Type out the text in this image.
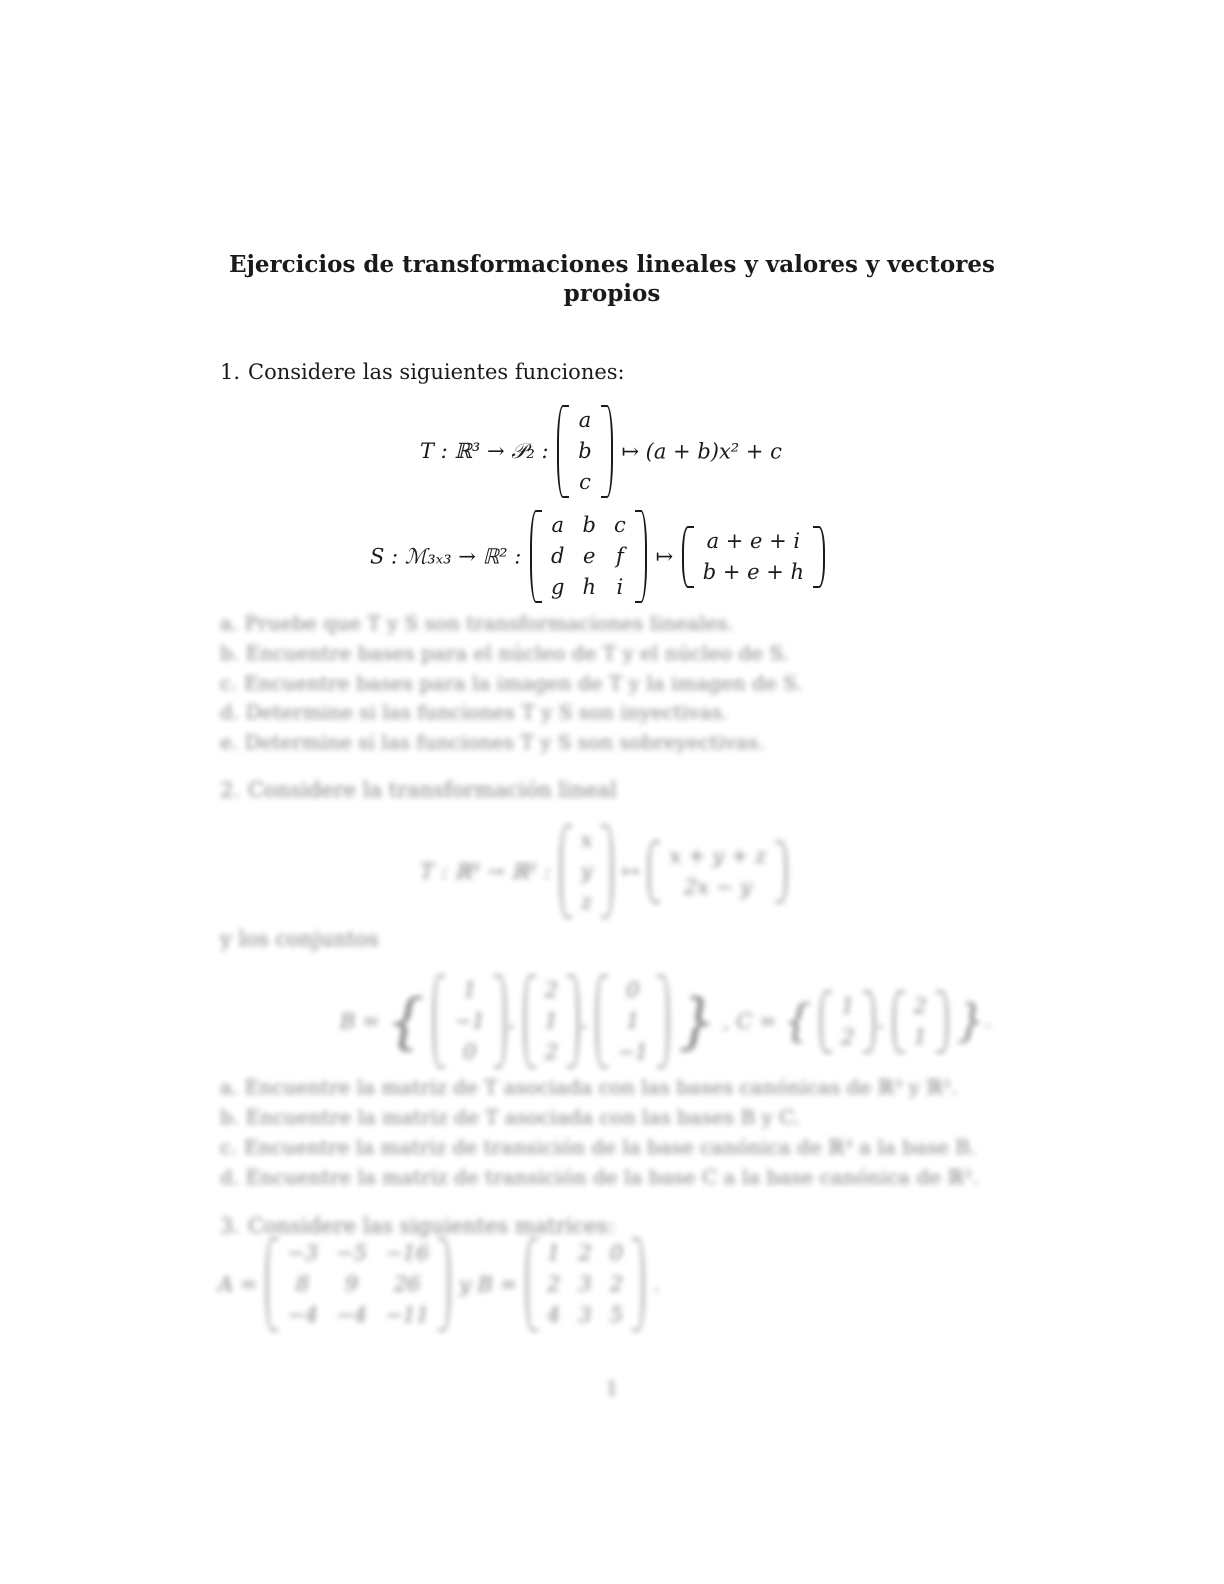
Ejercicios de transformaciones lineales y valores y vectores
propios
1. Considere las siguientes funciones:
T : ℝ³ → 𝒫₂ :
a
b
c
↦ (a + b)x² + c
S : ℳ₃ₓ₃ → ℝ² :
a	b	c
d	e	f
g	h	i
↦
a + e + i
b + e + h
a. Pruebe que T y S son transformaciones lineales.
b. Encuentre bases para el núcleo de T y el núcleo de S.
c. Encuentre bases para la imagen de T y la imagen de S.
d. Determine si las funciones T y S son inyectivas.
e. Determine si las funciones T y S son sobreyectivas.
2. Considere la transformación lineal
T : ℝ³ → ℝ² :
x
y
z
↦
x + y + z
2x − y
y los conjuntos
B = { 1
−1
0
,
2
1
2
,
0
1
−1 } , C = { 1
2
,
2
1 }.
a. Encuentre la matriz de T asociada con las bases canónicas de ℝ³ y ℝ².
b. Encuentre la matriz de T asociada con las bases B y C.
c. Encuentre la matriz de transición de la base canónica de ℝ³ a la base B.
d. Encuentre la matriz de transición de la base C a la base canónica de ℝ².
3. Considere las siguientes matrices:
A =
−3	−5	−16
8	9	26
−4	−4	−11
y B =
1	2	0
2	3	2
4	3	5
.
1
